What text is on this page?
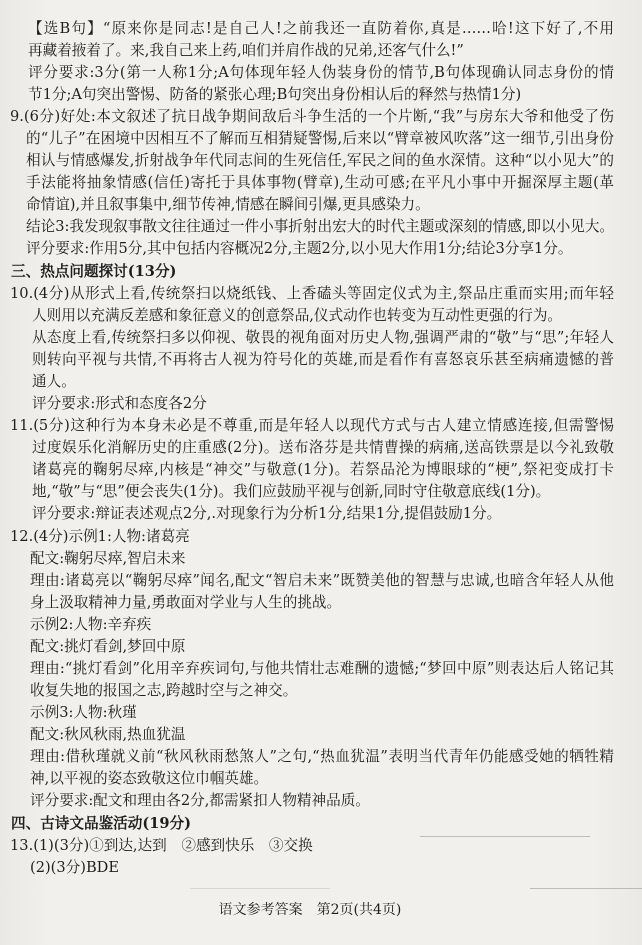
【选B句】“原来你是同志!是自己人!之前我还一直防着你,真是……哈!这下好了,不用
再藏着掖着了。来,我自己来上药,咱们并肩作战的兄弟,还客气什么!”
评分要求:3分(第一人称1分;A句体现年轻人伪装身份的情节,B句体现确认同志身份的情
节1分;A句突出警惕、防备的紧张心理;B句突出身份相认后的释然与热情1分)
9.(6分)好处:本文叙述了抗日战争期间敌后斗争生活的一个片断,“我”与房东大爷和他受了伤
的“儿子”在困境中因相互不了解而互相猜疑警惕,后来以“臂章被风吹落”这一细节,引出身份
相认与情感爆发,折射战争年代同志间的生死信任,军民之间的鱼水深情。这种“以小见大”的
手法能将抽象情感(信任)寄托于具体事物(臂章),生动可感;在平凡小事中开掘深厚主题(革
命情谊),并且叙事集中,细节传神,情感在瞬间引爆,更具感染力。
结论3:我发现叙事散文往往通过一件小事折射出宏大的时代主题或深刻的情感,即以小见大。
评分要求:作用5分,其中包括内容概况2分,主题2分,以小见大作用1分;结论3分享1分。
三、热点问题探讨(13分)
10.(4分)从形式上看,传统祭扫以烧纸钱、上香磕头等固定仪式为主,祭品庄重而实用;而年轻
人则用以充满反差感和象征意义的创意祭品,仪式动作也转变为互动性更强的行为。
从态度上看,传统祭扫多以仰视、敬畏的视角面对历史人物,强调严肃的“敬”与“思”;年轻人
则转向平视与共情,不再将古人视为符号化的英雄,而是看作有喜怒哀乐甚至病痛遗憾的普
通人。
评分要求:形式和态度各2分
11.(5分)这种行为本身未必是不尊重,而是年轻人以现代方式与古人建立情感连接,但需警惕
过度娱乐化消解历史的庄重感(2分)。送布洛芬是共情曹操的病痛,送高铁票是以今礼致敬
诸葛亮的鞠躬尽瘁,内核是“神交”与敬意(1分)。若祭品沦为博眼球的“梗”,祭祀变成打卡
地,“敬”与“思”便会丧失(1分)。我们应鼓励平视与创新,同时守住敬意底线(1分)。
评分要求:辩证表述观点2分,.对现象行为分析1分,结果1分,提倡鼓励1分。
12.(4分)示例1:人物:诸葛亮
配文:鞠躬尽瘁,智启未来
理由:诸葛亮以“鞠躬尽瘁”闻名,配文“智启未来”既赞美他的智慧与忠诚,也暗含年轻人从他
身上汲取精神力量,勇敢面对学业与人生的挑战。
示例2:人物:辛弃疾
配文:挑灯看剑,梦回中原
理由:“挑灯看剑”化用辛弃疾词句,与他共情壮志难酬的遗憾;“梦回中原”则表达后人铭记其
收复失地的报国之志,跨越时空与之神交。
示例3:人物:秋瑾
配文:秋风秋雨,热血犹温
理由:借秋瑾就义前“秋风秋雨愁煞人”之句,“热血犹温”表明当代青年仍能感受她的牺牲精
神,以平视的姿态致敬这位巾帼英雄。
评分要求:配文和理由各2分,都需紧扣人物精神品质。
四、古诗文品鉴活动(19分)
13.(1)(3分)①到达,达到　②感到快乐　③交换
(2)(3分)BDE
语文参考答案　第2页(共4页)
